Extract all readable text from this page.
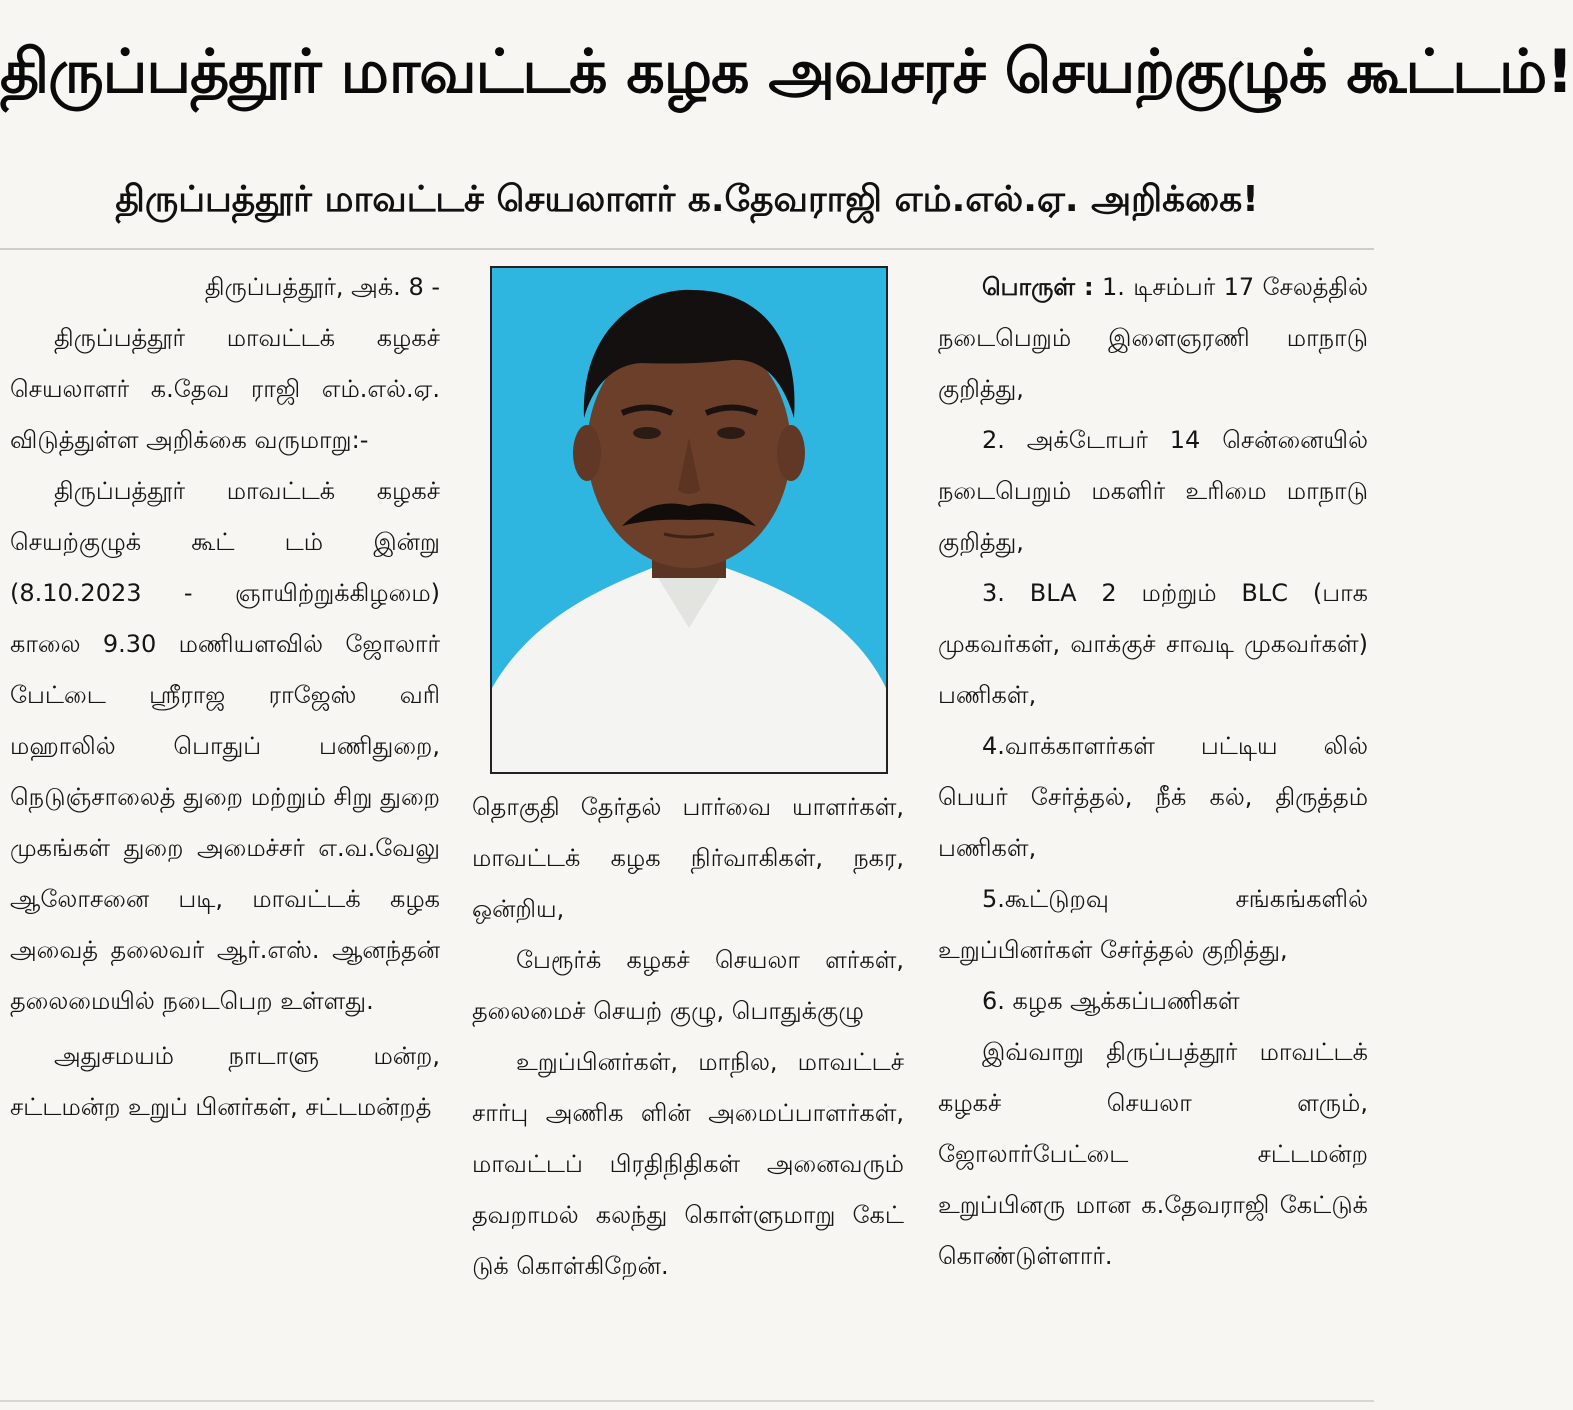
திருப்பத்தூர் மாவட்டக் கழக அவசரச் செயற்குழுக் கூட்டம்!
திருப்பத்தூர் மாவட்டச் செயலாளர் க.தேவராஜி எம்.எல்.ஏ. அறிக்கை!

திருப்பத்தூர், அக். 8 -

திருப்பத்தூர் மாவட்டக் கழகச் செயலாளர் க.தேவ ராஜி எம்.எல்.ஏ. விடுத்துள்ள அறிக்கை வருமாறு:-

திருப்பத்தூர் மாவட்டக் கழகச் செயற்குழுக் கூட் டம் இன்று (8.10.2023 - ஞாயிற்றுக்கிழமை) காலை 9.30 மணியளவில் ஜோலார் பேட்டை ஸ்ரீராஜ ராஜேஸ் வரி மஹாலில் பொதுப் பணிதுறை, நெடுஞ்சாலைத் துறை மற்றும் சிறு துறை முகங்கள் துறை அமைச்சர் எ.வ.வேலு ஆலோசனை படி, மாவட்டக் கழக அவைத் தலைவர் ஆர்.எஸ். ஆனந்தன் தலைமையில் நடைபெற உள்ளது.

அதுசமயம் நாடாளு மன்ற, சட்டமன்ற உறுப் பினர்கள், சட்டமன்றத்

தொகுதி தேர்தல் பார்வை யாளர்கள், மாவட்டக் கழக நிர்வாகிகள், நகர, ஒன்றிய,

பேரூர்க் கழகச் செயலா ளர்கள், தலைமைச் செயற் குழு, பொதுக்குழு

உறுப்பினர்கள், மாநில, மாவட்டச் சார்பு அணிக ளின் அமைப்பாளர்கள், மாவட்டப் பிரதிநிதிகள் அனைவரும் தவறாமல் கலந்து கொள்ளுமாறு கேட் டுக் கொள்கிறேன்.

பொருள் : 1. டிசம்பர் 17 சேலத்தில் நடைபெறும் இளைஞரணி மாநாடு குறித்து,

2. அக்டோபர் 14 சென்னையில் நடைபெறும் மகளிர் உரிமை மாநாடு குறித்து,

3. BLA 2 மற்றும் BLC (பாக முகவர்கள், வாக்குச் சாவடி முகவர்கள்) பணிகள்,

4.வாக்காளர்கள் பட்டிய லில் பெயர் சேர்த்தல், நீக் கல், திருத்தம் பணிகள்,

5.கூட்டுறவு சங்கங்களில் உறுப்பினர்கள் சேர்த்தல் குறித்து,

6. கழக ஆக்கப்பணிகள்

இவ்வாறு திருப்பத்தூர் மாவட்டக் கழகச் செயலா ளரும், ஜோலார்பேட்டை சட்டமன்ற உறுப்பினரு மான க.தேவராஜி கேட்டுக் கொண்டுள்ளார்.
